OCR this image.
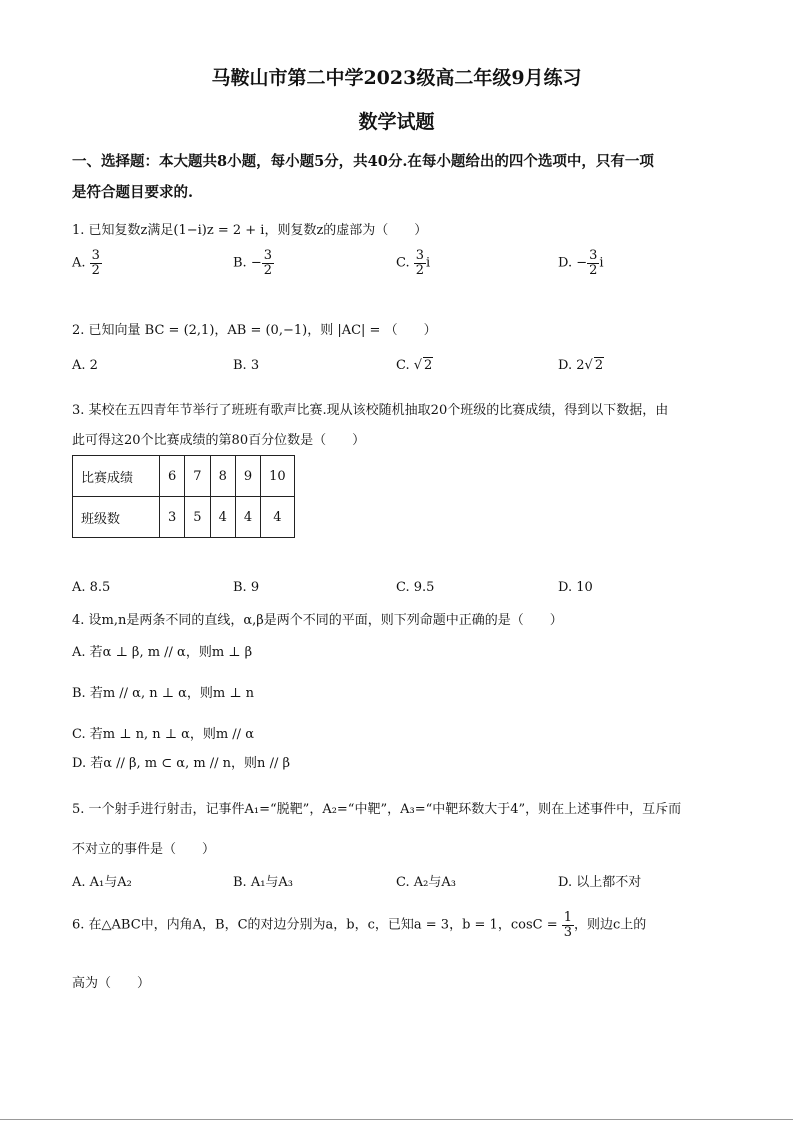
马鞍山市第二中学2023级高二年级9月练习
数学试题
一、选择题：本大题共8小题，每小题5分，共40分.在每小题给出的四个选项中，只有一项
是符合题目要求的.
1. 已知复数z满足(1−i)z = 2 + i，则复数z的虚部为（　　）
A. $\frac{3}{2}$	B. − $\frac{3}{2}$	C. $\frac{3}{2}$ i	D. − $\frac{3}{2}$ i
2. 已知向量 BC = (2,1)，AB = (0,−1)，则 |AC| = （　　）
A. 2	B. 3	C. √ 2	D. 2√ 2
3. 某校在五四青年节举行了班班有歌声比赛.现从该校随机抽取20个班级的比赛成绩，得到以下数据，由
此可得这20个比赛成绩的第80百分位数是（　　）
比赛成绩	6	7	8	9	10
班级数	3	5	4	4	4
A. 8.5	B. 9	C. 9.5	D. 10
4. 设m,n是两条不同的直线，α,β是两个不同的平面，则下列命题中正确的是（　　）
A. 若α ⊥ β, m // α，则m ⊥ β
B. 若m // α, n ⊥ α，则m ⊥ n
C. 若m ⊥ n, n ⊥ α，则m // α
D. 若α // β, m ⊂ α, m // n，则n // β
5. 一个射手进行射击，记事件A₁=“脱靶”，A₂=“中靶”，A₃=“中靶环数大于4”，则在上述事件中，互斥而
不对立的事件是（　　）
A. A₁与A₂	B. A₁与A₃	C. A₂与A₃	D. 以上都不对
6. 在△ABC中，内角A，B，C的对边分别为a，b，c，已知a = 3，b = 1，$\cos C = \frac{1}{3}$ ，则边c上的
高为（　　）
